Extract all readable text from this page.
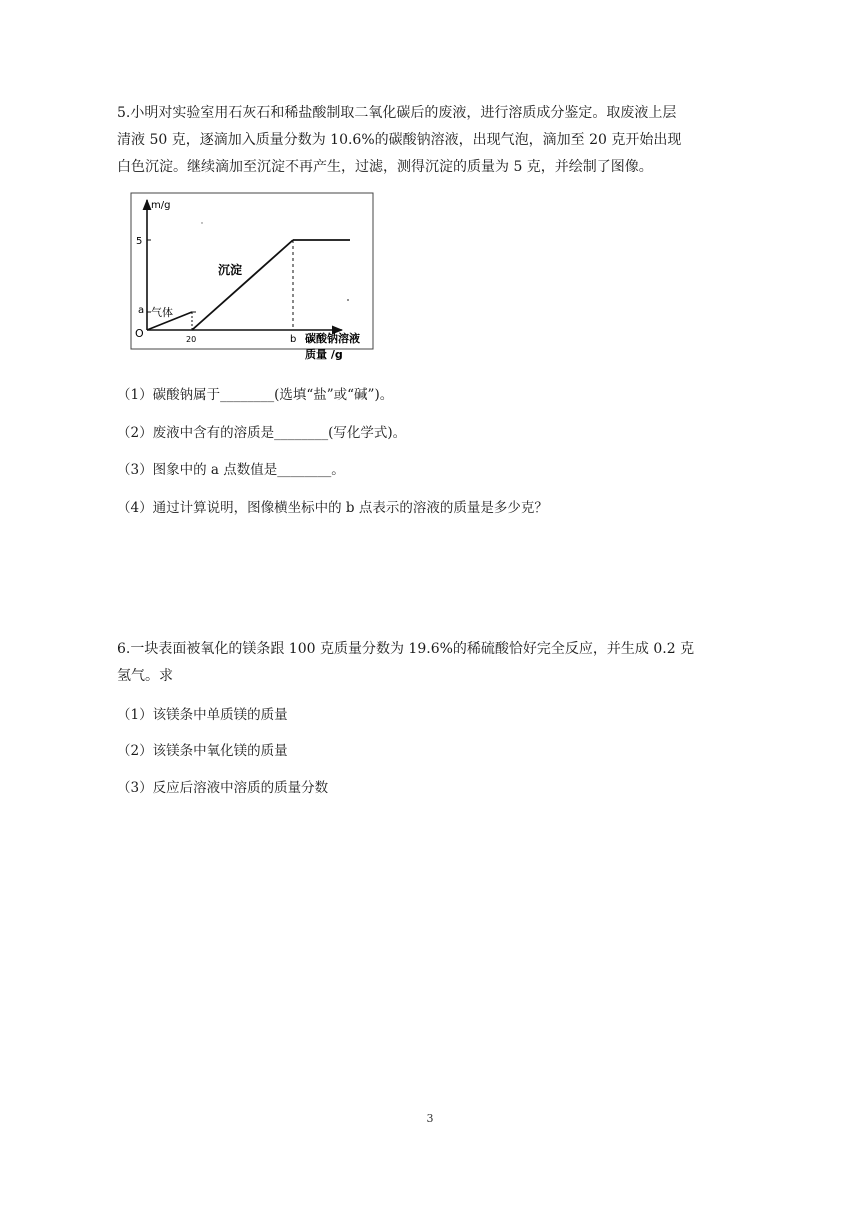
5.小明对实验室用石灰石和稀盐酸制取二氧化碳后的废液，进行溶质成分鉴定。取废液上层
清液 50 克，逐滴加入质量分数为 10.6%的碳酸钠溶液，出现气泡，滴加至 20 克开始出现
白色沉淀。继续滴加至沉淀不再产生，过滤，测得沉淀的质量为 5 克，并绘制了图像。
m/g
5
a 气体
沉淀
O	20	b 碳酸钠溶液
质量 /g
（1）碳酸钠属于________(选填“盐”或“碱”)。
（2）废液中含有的溶质是________(写化学式)。
（3）图象中的 a 点数值是________。
（4）通过计算说明，图像横坐标中的 b 点表示的溶液的质量是多少克？
6.一块表面被氧化的镁条跟 100 克质量分数为 19.6%的稀硫酸恰好完全反应，并生成 0.2 克
氢气。求
（1）该镁条中单质镁的质量
（2）该镁条中氧化镁的质量
（3）反应后溶液中溶质的质量分数
3
